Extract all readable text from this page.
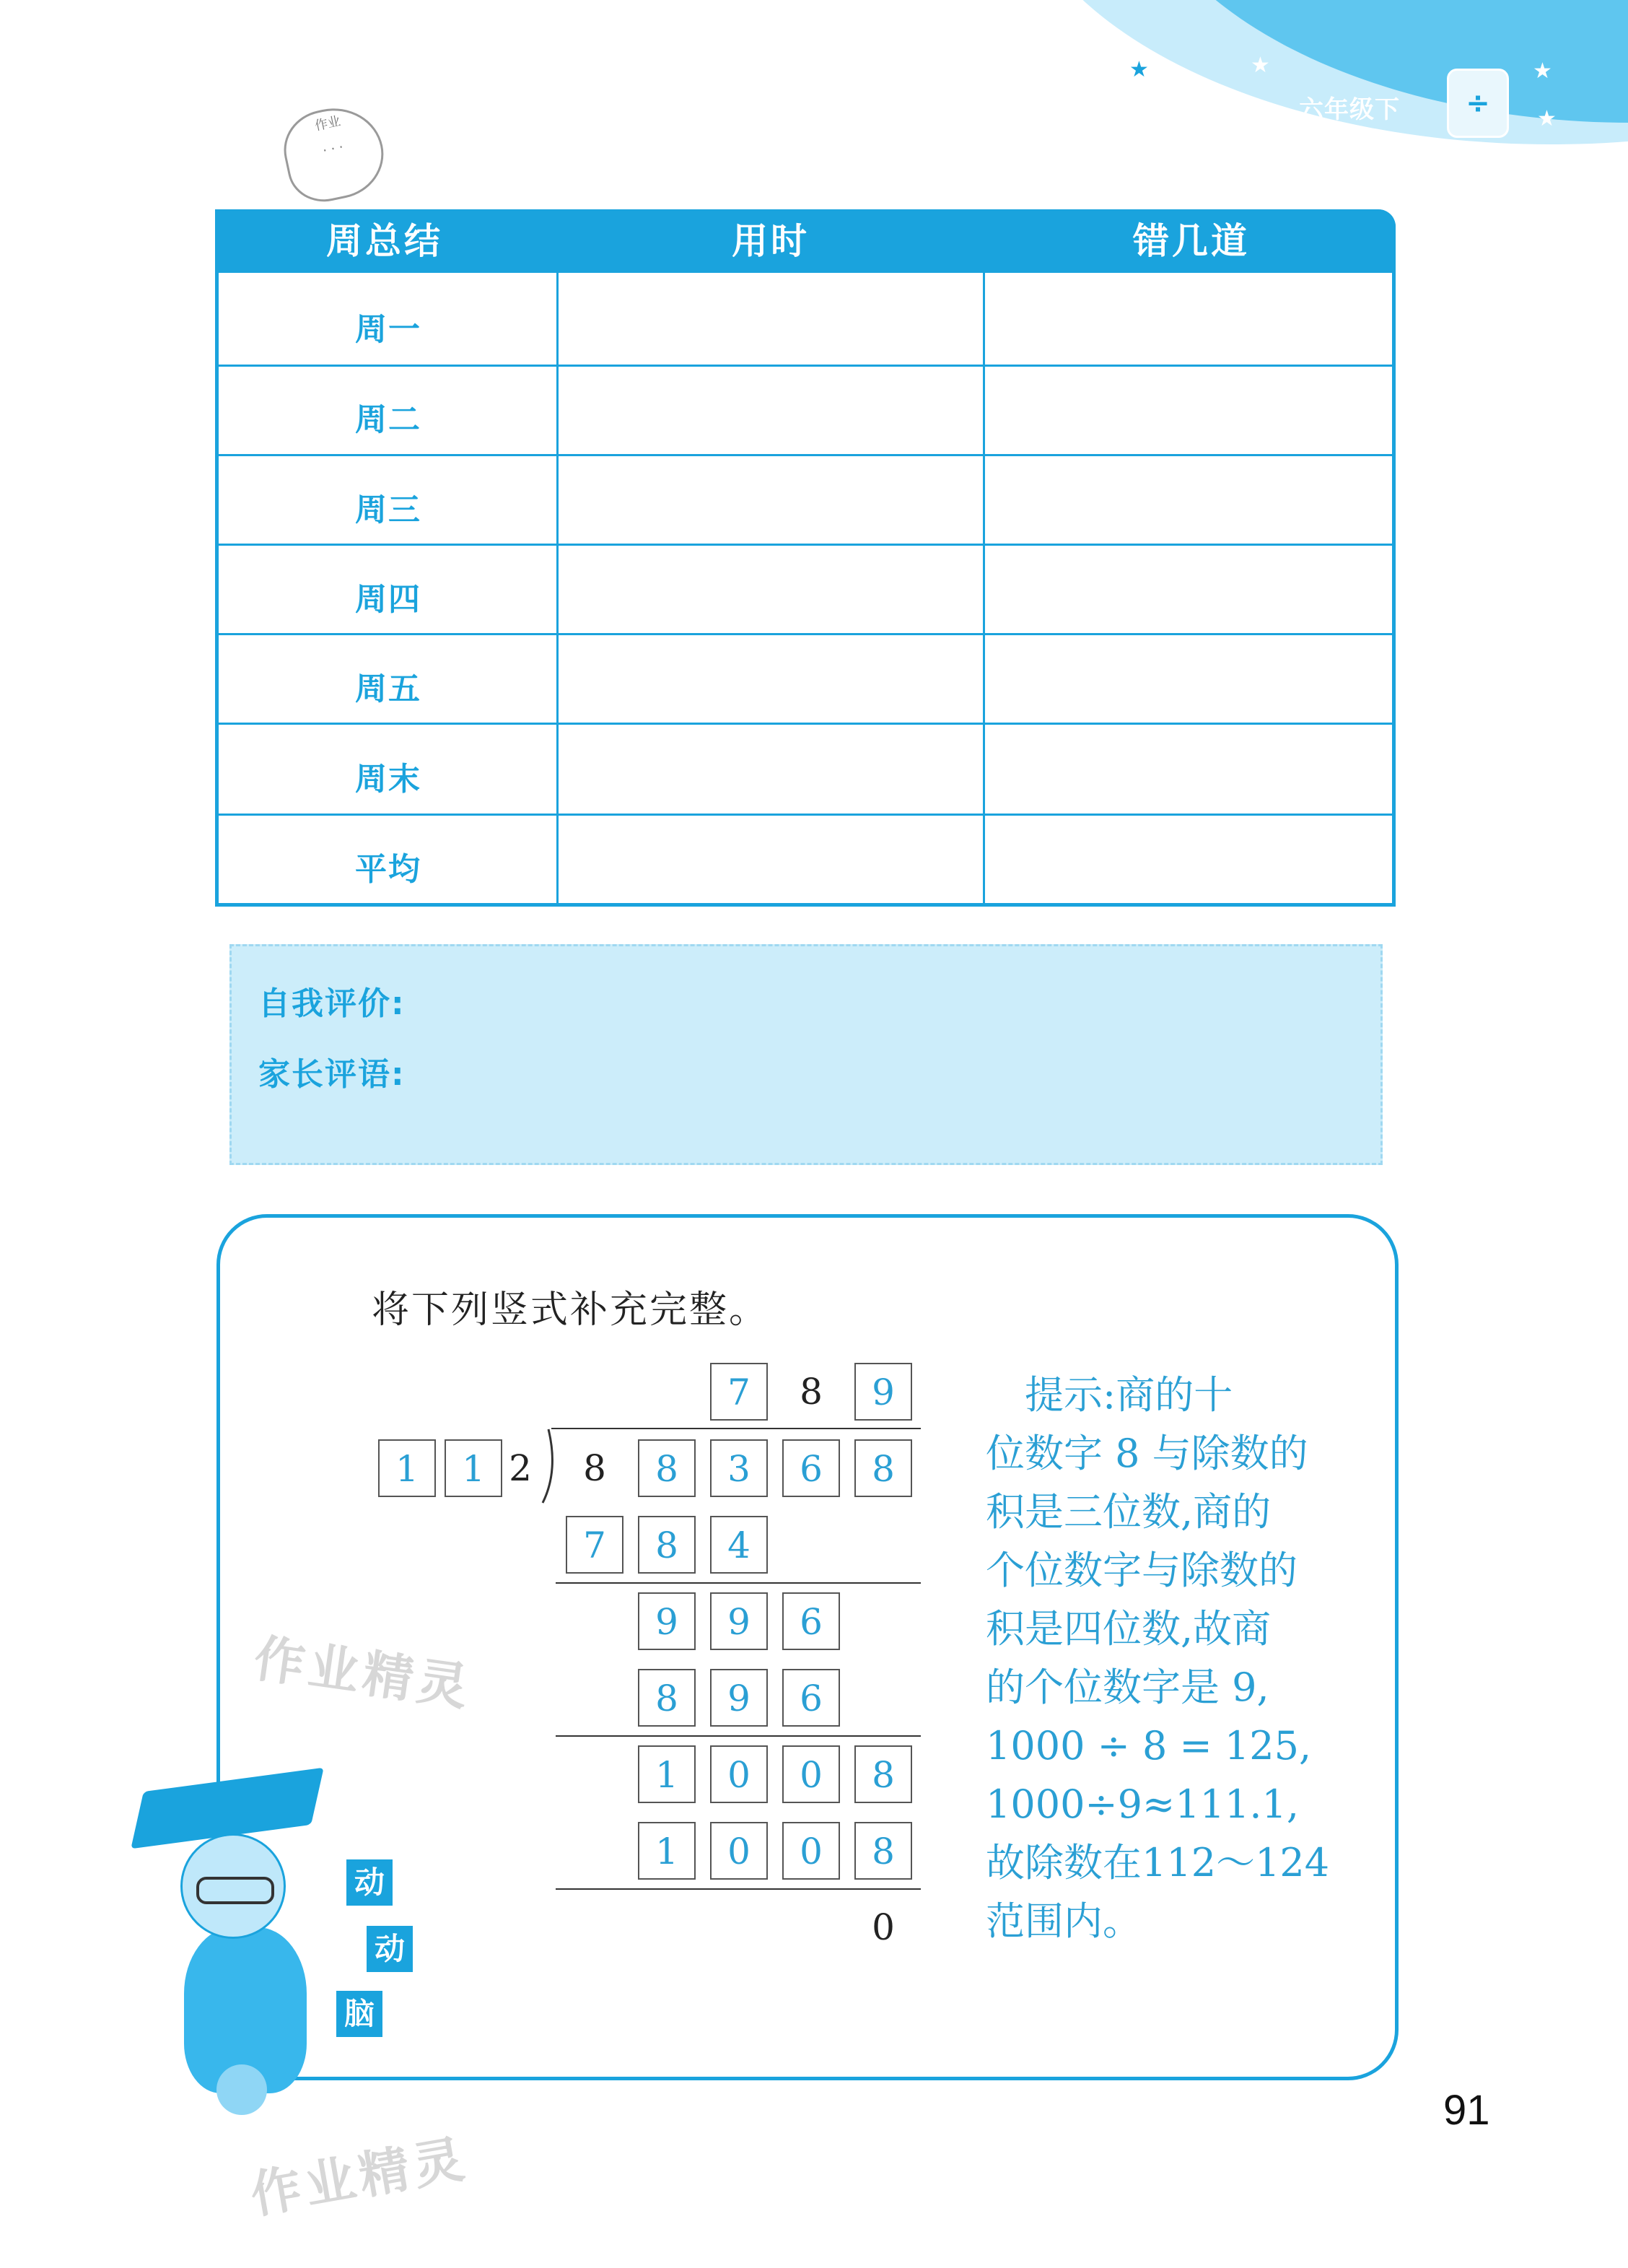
★	★	★
★
六年级下	÷
作业
· · ·
周总结	用时	错几道
周一
周二
周三
周四
周五
周末
平均
自我评价:
家长评语:
将下列竖式补充完整。
7	8	9
1	1 2	8	8	3	6	8
7	8	4
9	9	6
8	9	6
1	0	0	8
1	0	0	8
0
　提示:商的十
位数字 8 与除数的
积是三位数,商的
个位数字与除数的
积是四位数,故商
的个位数字是 9,
1000 ÷ 8 = 125,
1000÷9≈111.1,
故除数在112～124
范围内。
动
动
脑
作业精灵
作业精灵
91
